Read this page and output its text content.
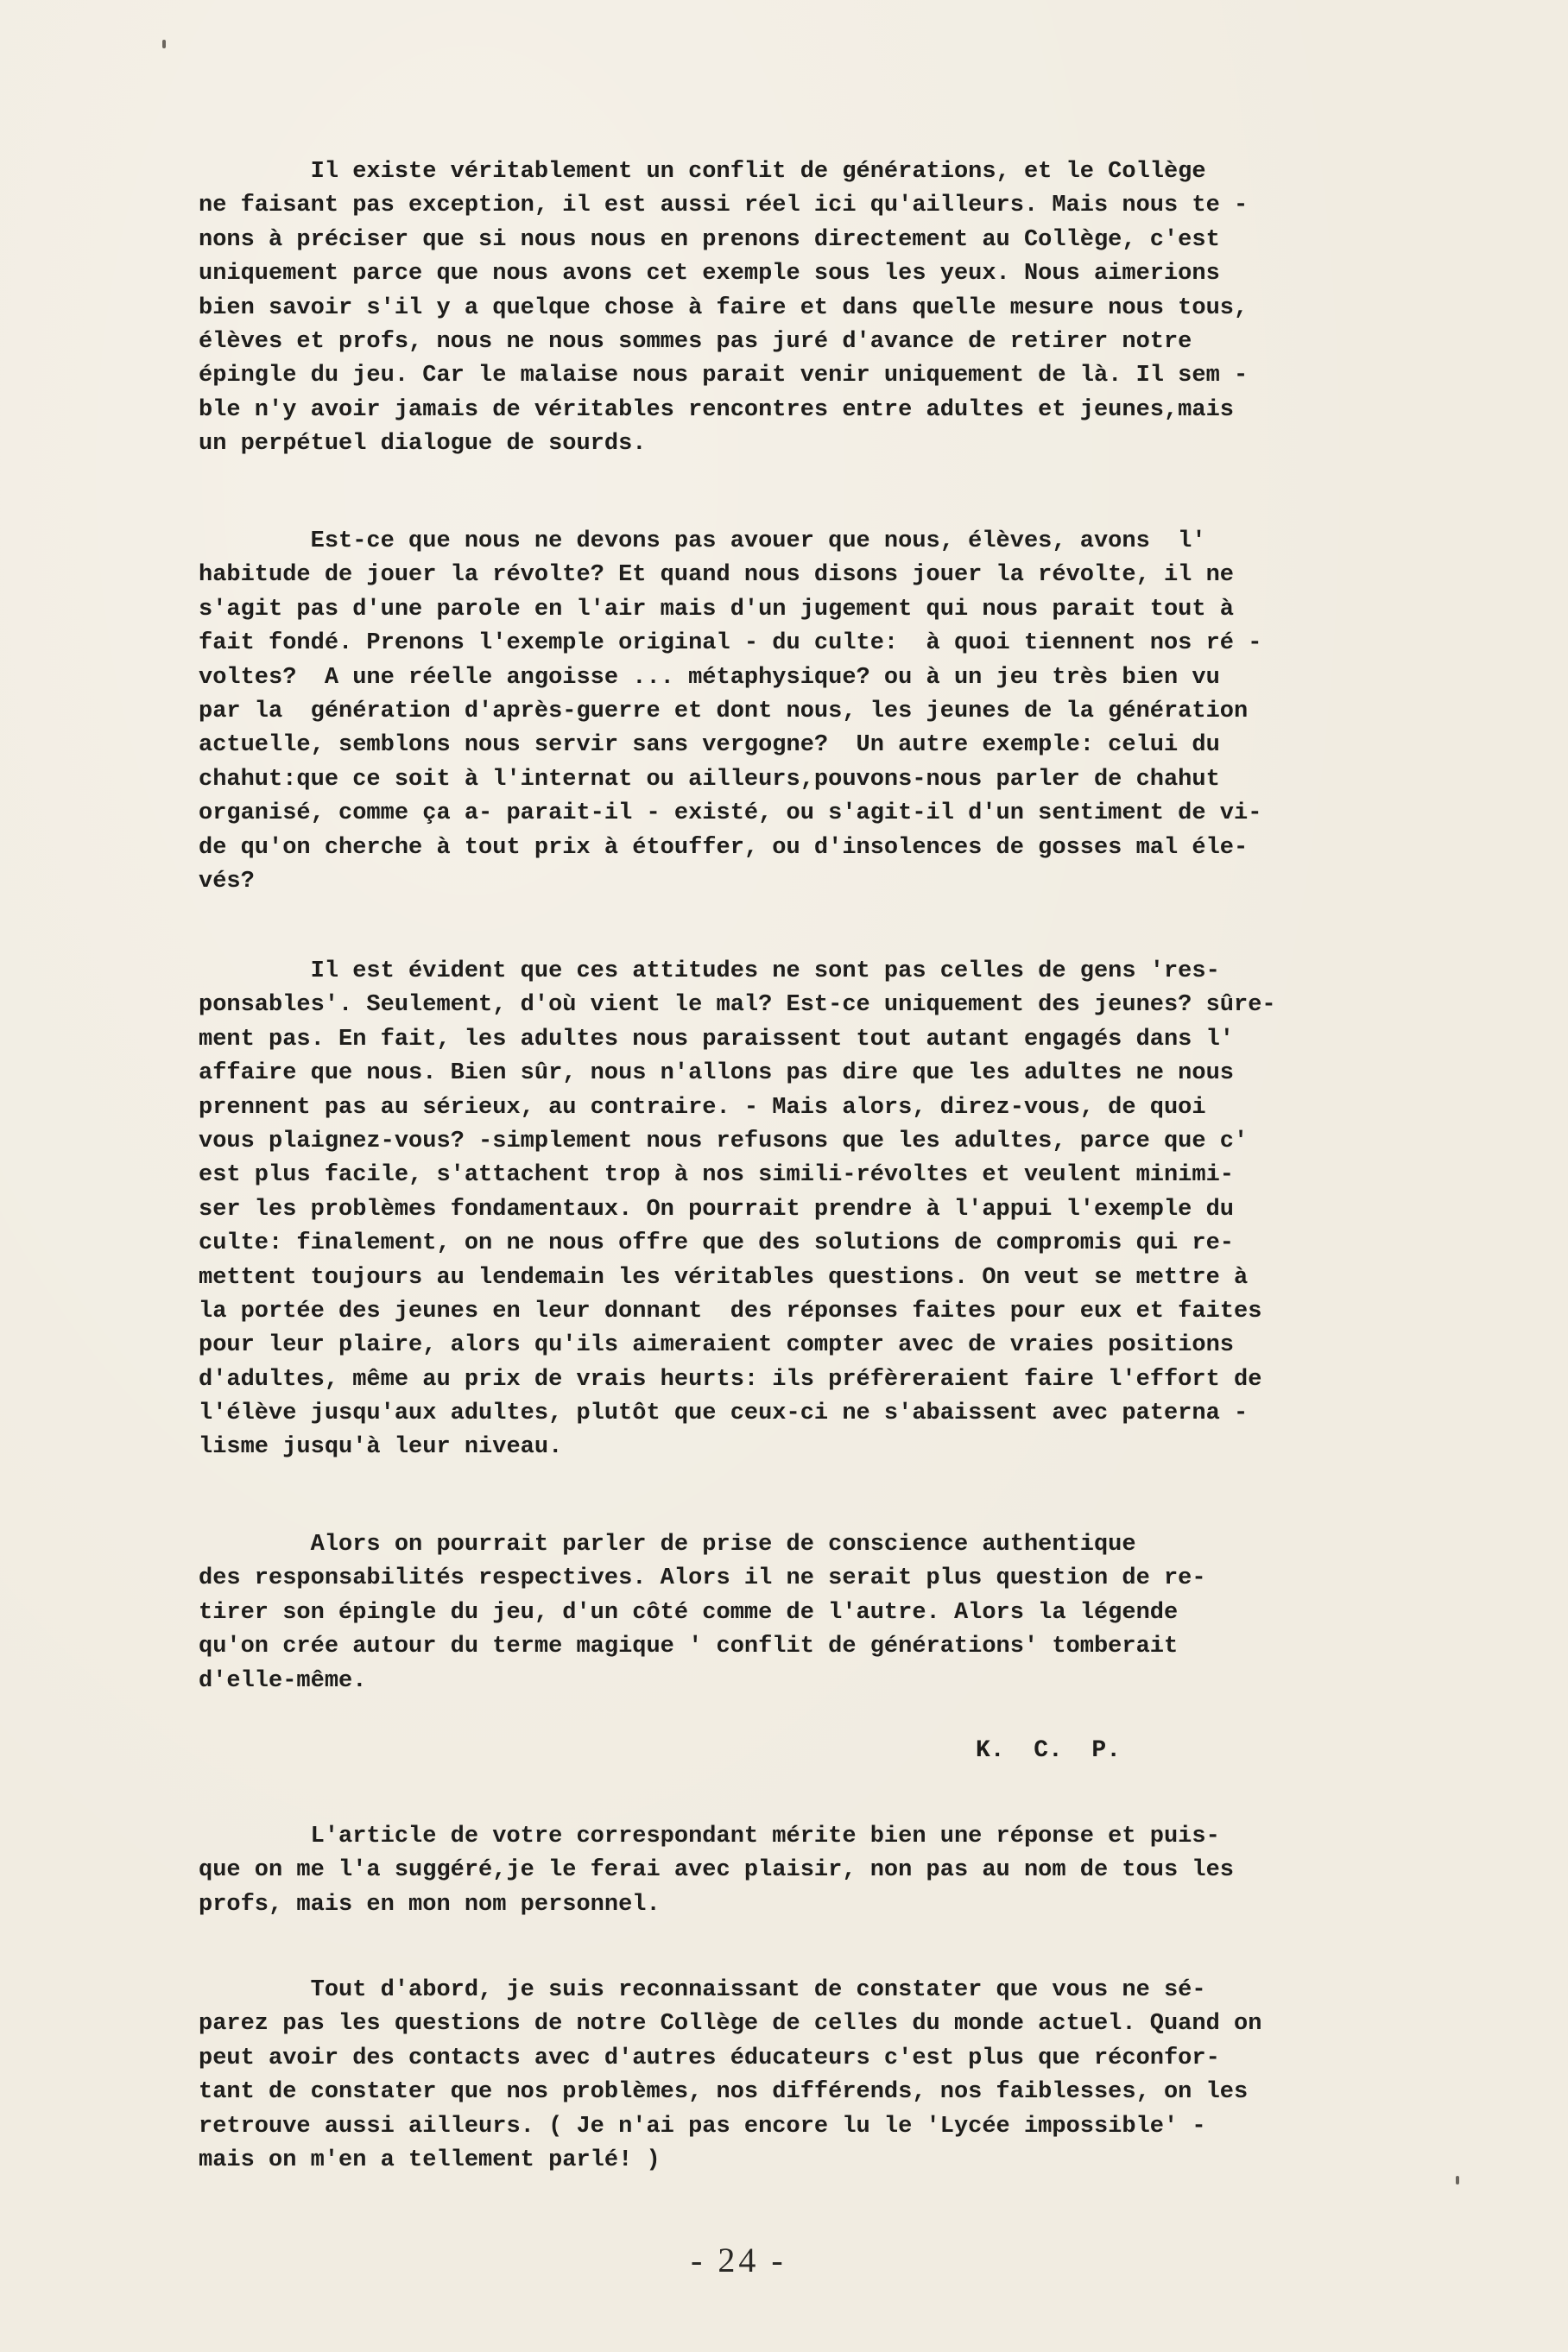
Il existe véritablement un conflit de générations, et le Collège
ne faisant pas exception, il est aussi réel ici qu'ailleurs. Mais nous te -
nons à préciser que si nous nous en prenons directement au Collège, c'est
uniquement parce que nous avons cet exemple sous les yeux. Nous aimerions
bien savoir s'il y a quelque chose à faire et dans quelle mesure nous tous,
élèves et profs, nous ne nous sommes pas juré d'avance de retirer notre
épingle du jeu. Car le malaise nous parait venir uniquement de là. Il sem -
ble n'y avoir jamais de véritables rencontres entre adultes et jeunes,mais
un perpétuel dialogue de sourds.
Est-ce que nous ne devons pas avouer que nous, élèves, avons  l'
habitude de jouer la révolte? Et quand nous disons jouer la révolte, il ne
s'agit pas d'une parole en l'air mais d'un jugement qui nous parait tout à
fait fondé. Prenons l'exemple original - du culte:  à quoi tiennent nos ré -
voltes?  A une réelle angoisse ... métaphysique? ou à un jeu très bien vu
par la  génération d'après-guerre et dont nous, les jeunes de la génération
actuelle, semblons nous servir sans vergogne?  Un autre exemple: celui du
chahut:que ce soit à l'internat ou ailleurs,pouvons-nous parler de chahut
organisé, comme ça a- parait-il - existé, ou s'agit-il d'un sentiment de vi-
de qu'on cherche à tout prix à étouffer, ou d'insolences de gosses mal éle-
vés?
Il est évident que ces attitudes ne sont pas celles de gens 'res-
ponsables'. Seulement, d'où vient le mal? Est-ce uniquement des jeunes? sûre-
ment pas. En fait, les adultes nous paraissent tout autant engagés dans l'
affaire que nous. Bien sûr, nous n'allons pas dire que les adultes ne nous
prennent pas au sérieux, au contraire. - Mais alors, direz-vous, de quoi
vous plaignez-vous? -simplement nous refusons que les adultes, parce que c'
est plus facile, s'attachent trop à nos simili-révoltes et veulent minimi-
ser les problèmes fondamentaux. On pourrait prendre à l'appui l'exemple du
culte: finalement, on ne nous offre que des solutions de compromis qui re-
mettent toujours au lendemain les véritables questions. On veut se mettre à
la portée des jeunes en leur donnant  des réponses faites pour eux et faites
pour leur plaire, alors qu'ils aimeraient compter avec de vraies positions
d'adultes, même au prix de vrais heurts: ils préfèreraient faire l'effort de
l'élève jusqu'aux adultes, plutôt que ceux-ci ne s'abaissent avec paterna -
lisme jusqu'à leur niveau.
Alors on pourrait parler de prise de conscience authentique
des responsabilités respectives. Alors il ne serait plus question de re-
tirer son épingle du jeu, d'un côté comme de l'autre. Alors la légende
qu'on crée autour du terme magique ' conflit de générations' tomberait
d'elle-même.
L'article de votre correspondant mérite bien une réponse et puis-
que on me l'a suggéré,je le ferai avec plaisir, non pas au nom de tous les
profs, mais en mon nom personnel.
Tout d'abord, je suis reconnaissant de constater que vous ne sé-
parez pas les questions de notre Collège de celles du monde actuel. Quand on
peut avoir des contacts avec d'autres éducateurs c'est plus que réconfor-
tant de constater que nos problèmes, nos différends, nos faiblesses, on les
retrouve aussi ailleurs. ( Je n'ai pas encore lu le 'Lycée impossible' -
mais on m'en a tellement parlé! )
K.  C.  P.
- 24 -
